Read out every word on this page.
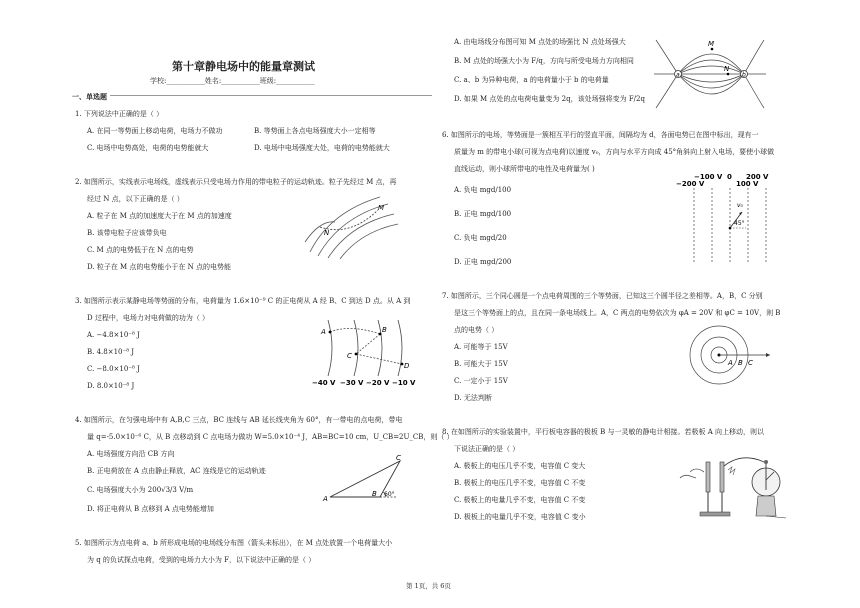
第十章静电场中的能量章测试
学校:___________姓名:___________班级:___________
一、单选题
1. 下列说法中正确的是（ ）
A. 在同一等势面上移动电荷，电场力不做功	B. 等势面上各点电场强度大小一定相等
C. 电场中电势高处，电荷的电势能就大	D. 电场中电场强度大处，电荷的电势能就大
2. 如图所示，实线表示电场线，虚线表示只受电场力作用的带电粒子的运动轨迹。粒子先经过 M 点，再
经过 N 点，以下正确的是（ ）
A. 粒子在 M 点的加速度大于在 M 点的加速度
B. 该带电粒子应该带负电
C. M 点的电势低于在 N 点的电势
D. 粒子在 M 点的电势能小于在 N 点的电势能
M
N
3. 如图所示表示某静电场等势面的分布，电荷量为 1.6×10⁻⁹ C 的正电荷从 A 经 B、C 到达 D 点。从 A 到
D 过程中，电场力对电荷做的功为（ ）
A. −4.8×10⁻⁸ J
B. 4.8×10⁻⁸ J
C. −8.0×10⁻⁸ J
D. 8.0×10⁻⁸ J
A	B
C
D
−40 V −30 V −20 V −10 V
4. 如图所示，在匀强电场中有 A,B,C 三点，BC 连线与 AB 延长线夹角为 60°，有一带电的点电荷，带电
量 q=-5.0×10⁻⁶ C，从 B 点移动到 C 点电场力做功 W=5.0×10⁻⁴ J，AB=BC=10 cm，U_CB=2U_CB，则（ ）
A. 电场强度方向沿 CB 方向
B. 正电荷放在 A 点由静止释放，AC 连线是它的运动轨迹
C. 电场强度大小为 200√3/3 V/m
D. 将正电荷从 B 点移到 A 点电势能增加
A
B
C
60°
5. 如图所示为点电荷 a、b 所形成电场的电场线分布图（箭头未标出），在 M 点处放置一个电荷量大小
为 q 的负试探点电荷，受到的电场力大小为 F，以下说法中正确的是（ ）
A. 由电场线分布图可知 M 点处的场强比 N 点处场强大
B. M 点处的场强大小为 F/q，方向与所受电场力方向相同
C. a、b 为异种电荷，a 的电荷量小于 b 的电荷量
D. 如果 M 点处的点电荷电量变为 2q，该处场强将变为 F/2q
M
N
a	b
6. 如图所示的电场，等势面是一簇相互平行的竖直平面，间隔均为 d，各面电势已在图中标出，现有一
质量为 m 的带电小球(可视为点电荷)以速度 v₀，方向与水平方向成 45°角斜向上射入电场，要使小球做
直线运动，则小球所带电的电性及电荷量为( )
A. 负电 mgd/100
B. 正电 mgd/100
C. 负电 mgd/20
D. 正电 mgd/200
−100 V 0
100 V
200 V
−200 V
v₀
45°
7. 如图所示，三个同心圆是一个点电荷周围的三个等势面，已知这三个圆半径之差相等。A，B，C 分别
是这三个等势面上的点，且在同一条电场线上。A，C 两点的电势依次为 φA = 20V 和 φC = 10V，则 B
点的电势（ ）
A. 可能等于 15V
B. 可能大于 15V
C. 一定小于 15V
D. 无法判断
A B C
8. 在如图所示的实验装置中，平行板电容器的极板 B 与一灵敏的静电计相接。若极板 A 向上移动，则以
下说法正确的是（ ）
A. 极板上的电压几乎不变，电容值 C 变大
B. 极板上的电压几乎不变，电容值 C 不变
C. 极板上的电量几乎不变，电容值 C 不变
D. 极板上的电量几乎不变，电容值 C 变小
第 1页，共 6页
